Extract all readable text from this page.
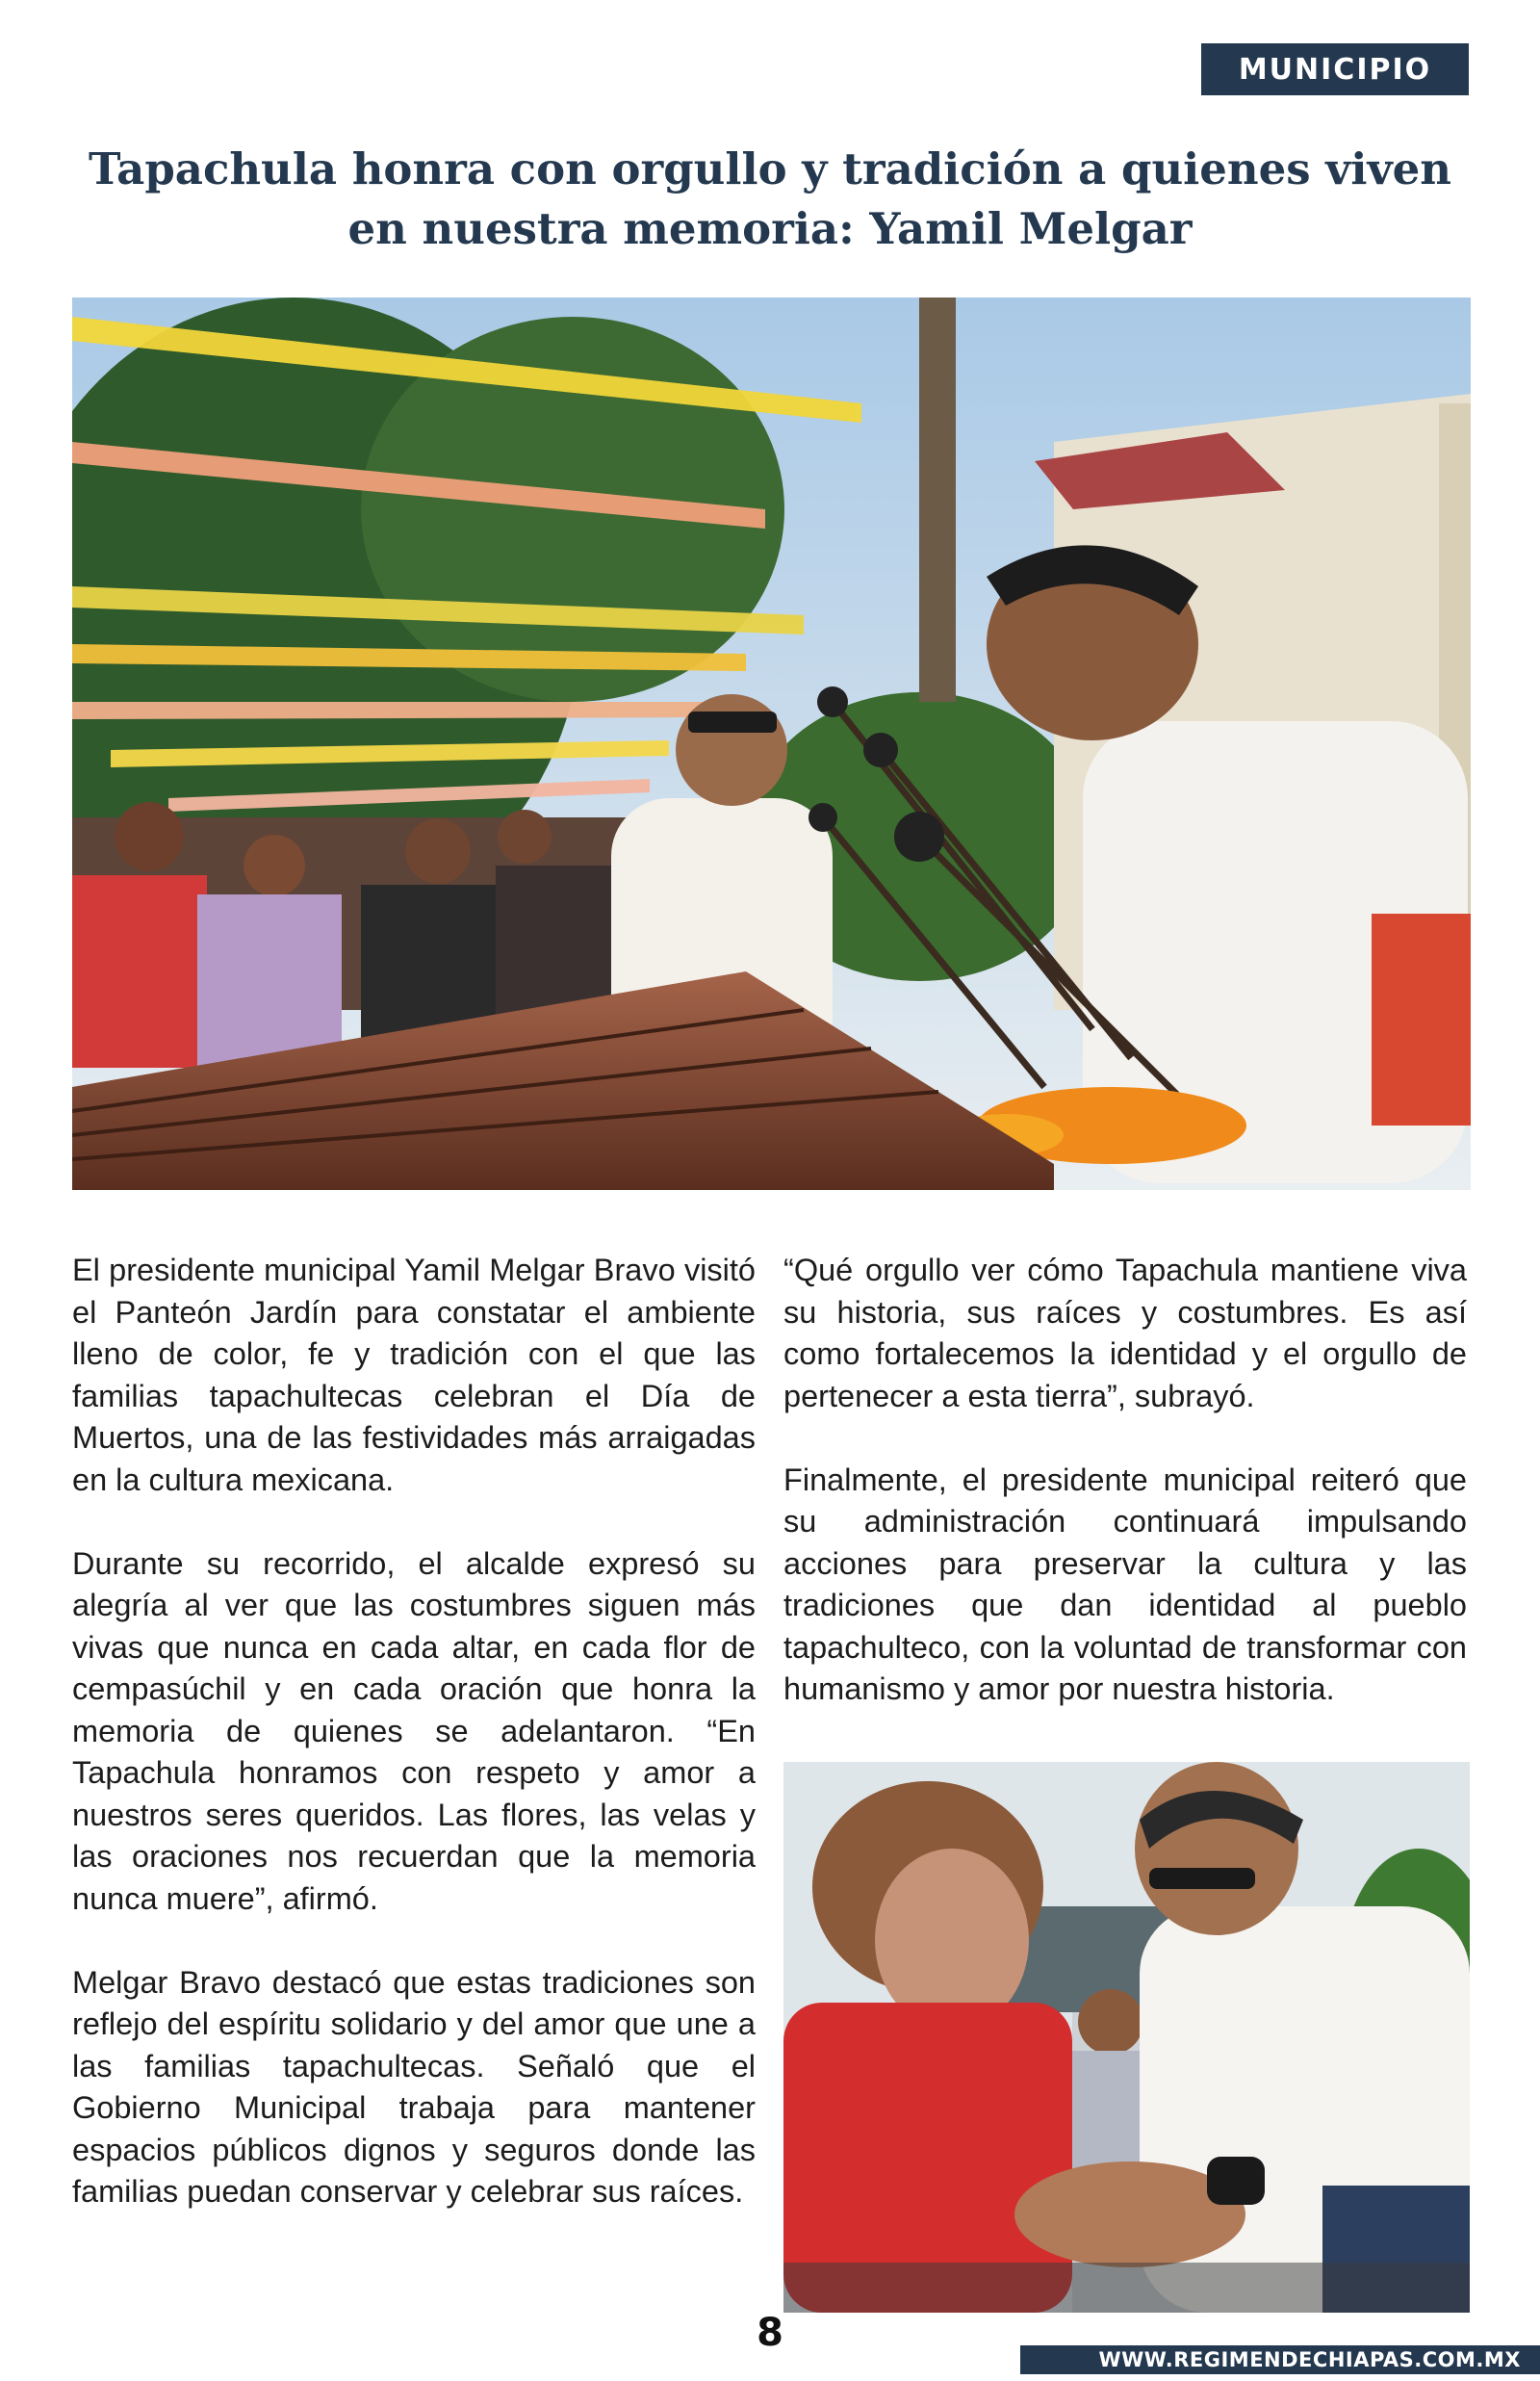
MUNICIPIO
Tapachula honra con orgullo y tradición a quienes viven en nuestra memoria: Yamil Melgar

El presidente municipal Yamil Melgar Bravo visitó el Panteón Jardín para constatar el ambiente lleno de color, fe y tradición con el que las familias tapachultecas celebran el Día de Muertos, una de las festividades más arraigadas en la cultura mexicana.

Durante su recorrido, el alcalde expresó su alegría al ver que las costumbres siguen más vivas que nunca en cada altar, en cada flor de cempasúchil y en cada oración que honra la memoria de quienes se adelantaron. “En Tapachula honramos con respeto y amor a nuestros seres queridos. Las flores, las velas y las oraciones nos recuerdan que la memoria nunca muere”, afirmó.

Melgar Bravo destacó que estas tradiciones son reflejo del espíritu solidario y del amor que une a las familias tapachultecas. Señaló que el Gobierno Municipal trabaja para mantener espacios públicos dignos y seguros donde las familias puedan conservar y celebrar sus raíces.

“Qué orgullo ver cómo Tapachula mantiene viva su historia, sus raíces y costumbres. Es así como fortalecemos la identidad y el orgullo de pertenecer a esta tierra”, subrayó.

Finalmente, el presidente municipal reiteró que su administración continuará impulsando acciones para preservar la cultura y las tradiciones que dan identidad al pueblo tapachulteco, con la voluntad de transformar con humanismo y amor por nuestra historia.

8
WWW.REGIMENDECHIAPAS.COM.MX
